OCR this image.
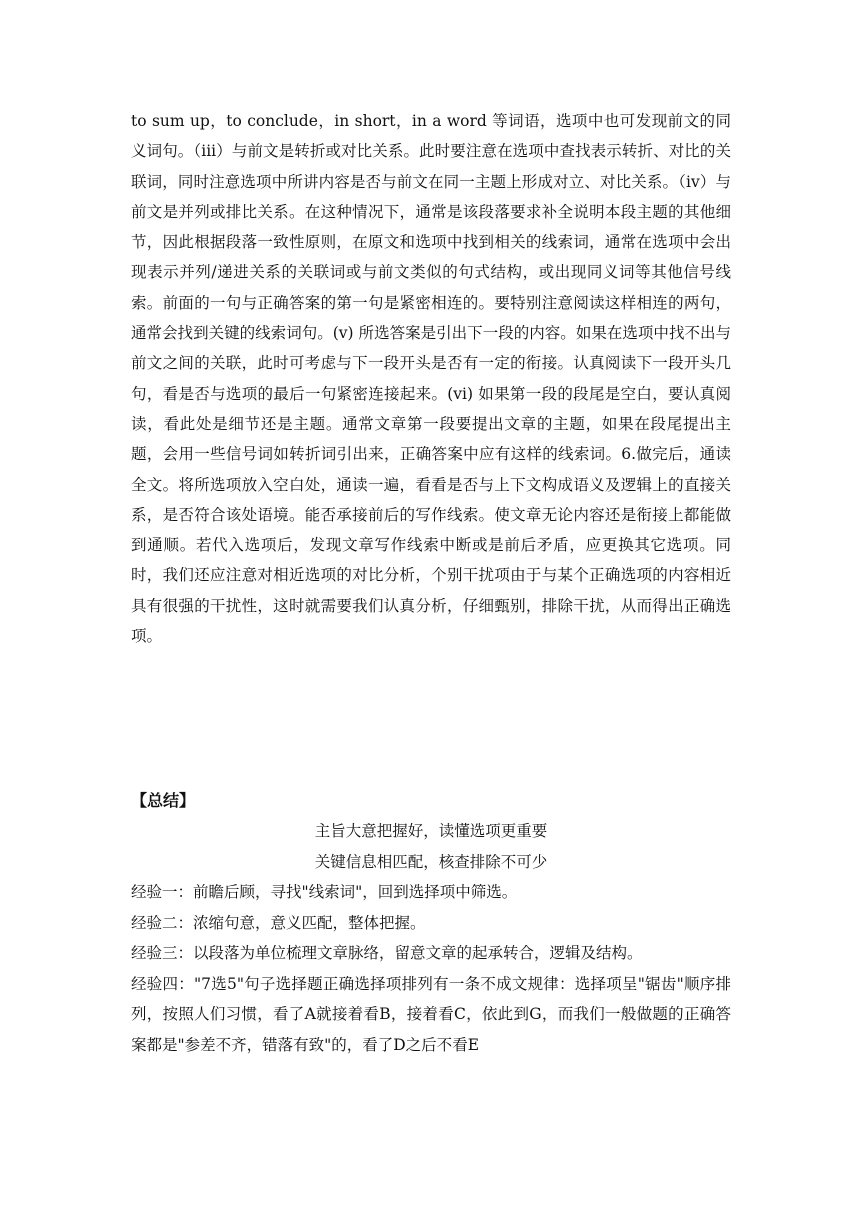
to sum up，to conclude，in short，in a word 等词语，选项中也可发现前文的同义词句。（iii）与前文是转折或对比关系。此时要注意在选项中查找表示转折、对比的关联词，同时注意选项中所讲内容是否与前文在同一主题上形成对立、对比关系。（iv）与前文是并列或排比关系。在这种情况下，通常是该段落要求补全说明本段主题的其他细节，因此根据段落一致性原则，在原文和选项中找到相关的线索词，通常在选项中会出现表示并列/递进关系的关联词或与前文类似的句式结构，或出现同义词等其他信号线索。前面的一句与正确答案的第一句是紧密相连的。要特别注意阅读这样相连的两句，通常会找到关键的线索词句。(v) 所选答案是引出下一段的内容。如果在选项中找不出与前文之间的关联，此时可考虑与下一段开头是否有一定的衔接。认真阅读下一段开头几句，看是否与选项的最后一句紧密连接起来。(vi) 如果第一段的段尾是空白，要认真阅读，看此处是细节还是主题。通常文章第一段要提出文章的主题，如果在段尾提出主题，会用一些信号词如转折词引出来，正确答案中应有这样的线索词。6.做完后，通读全文。将所选项放入空白处，通读一遍，看看是否与上下文构成语义及逻辑上的直接关系，是否符合该处语境。能否承接前后的写作线索。使文章无论内容还是衔接上都能做到通顺。若代入选项后，发现文章写作线索中断或是前后矛盾，应更换其它选项。同时，我们还应注意对相近选项的对比分析，个别干扰项由于与某个正确选项的内容相近具有很强的干扰性，这时就需要我们认真分析，仔细甄别，排除干扰，从而得出正确选项。

【总结】
主旨大意把握好，读懂选项更重要
关键信息相匹配，核查排除不可少
经验一：前瞻后顾，寻找"线索词"，回到选择项中筛选。
经验二：浓缩句意，意义匹配，整体把握。
经验三：以段落为单位梳理文章脉络，留意文章的起承转合，逻辑及结构。
经验四："7选5"句子选择题正确选择项排列有一条不成文规律：选择项呈"锯齿"顺序排列，按照人们习惯，看了A就接着看B，接着看C，依此到G，而我们一般做题的正确答案都是"参差不齐，错落有致"的，看了D之后不看E
